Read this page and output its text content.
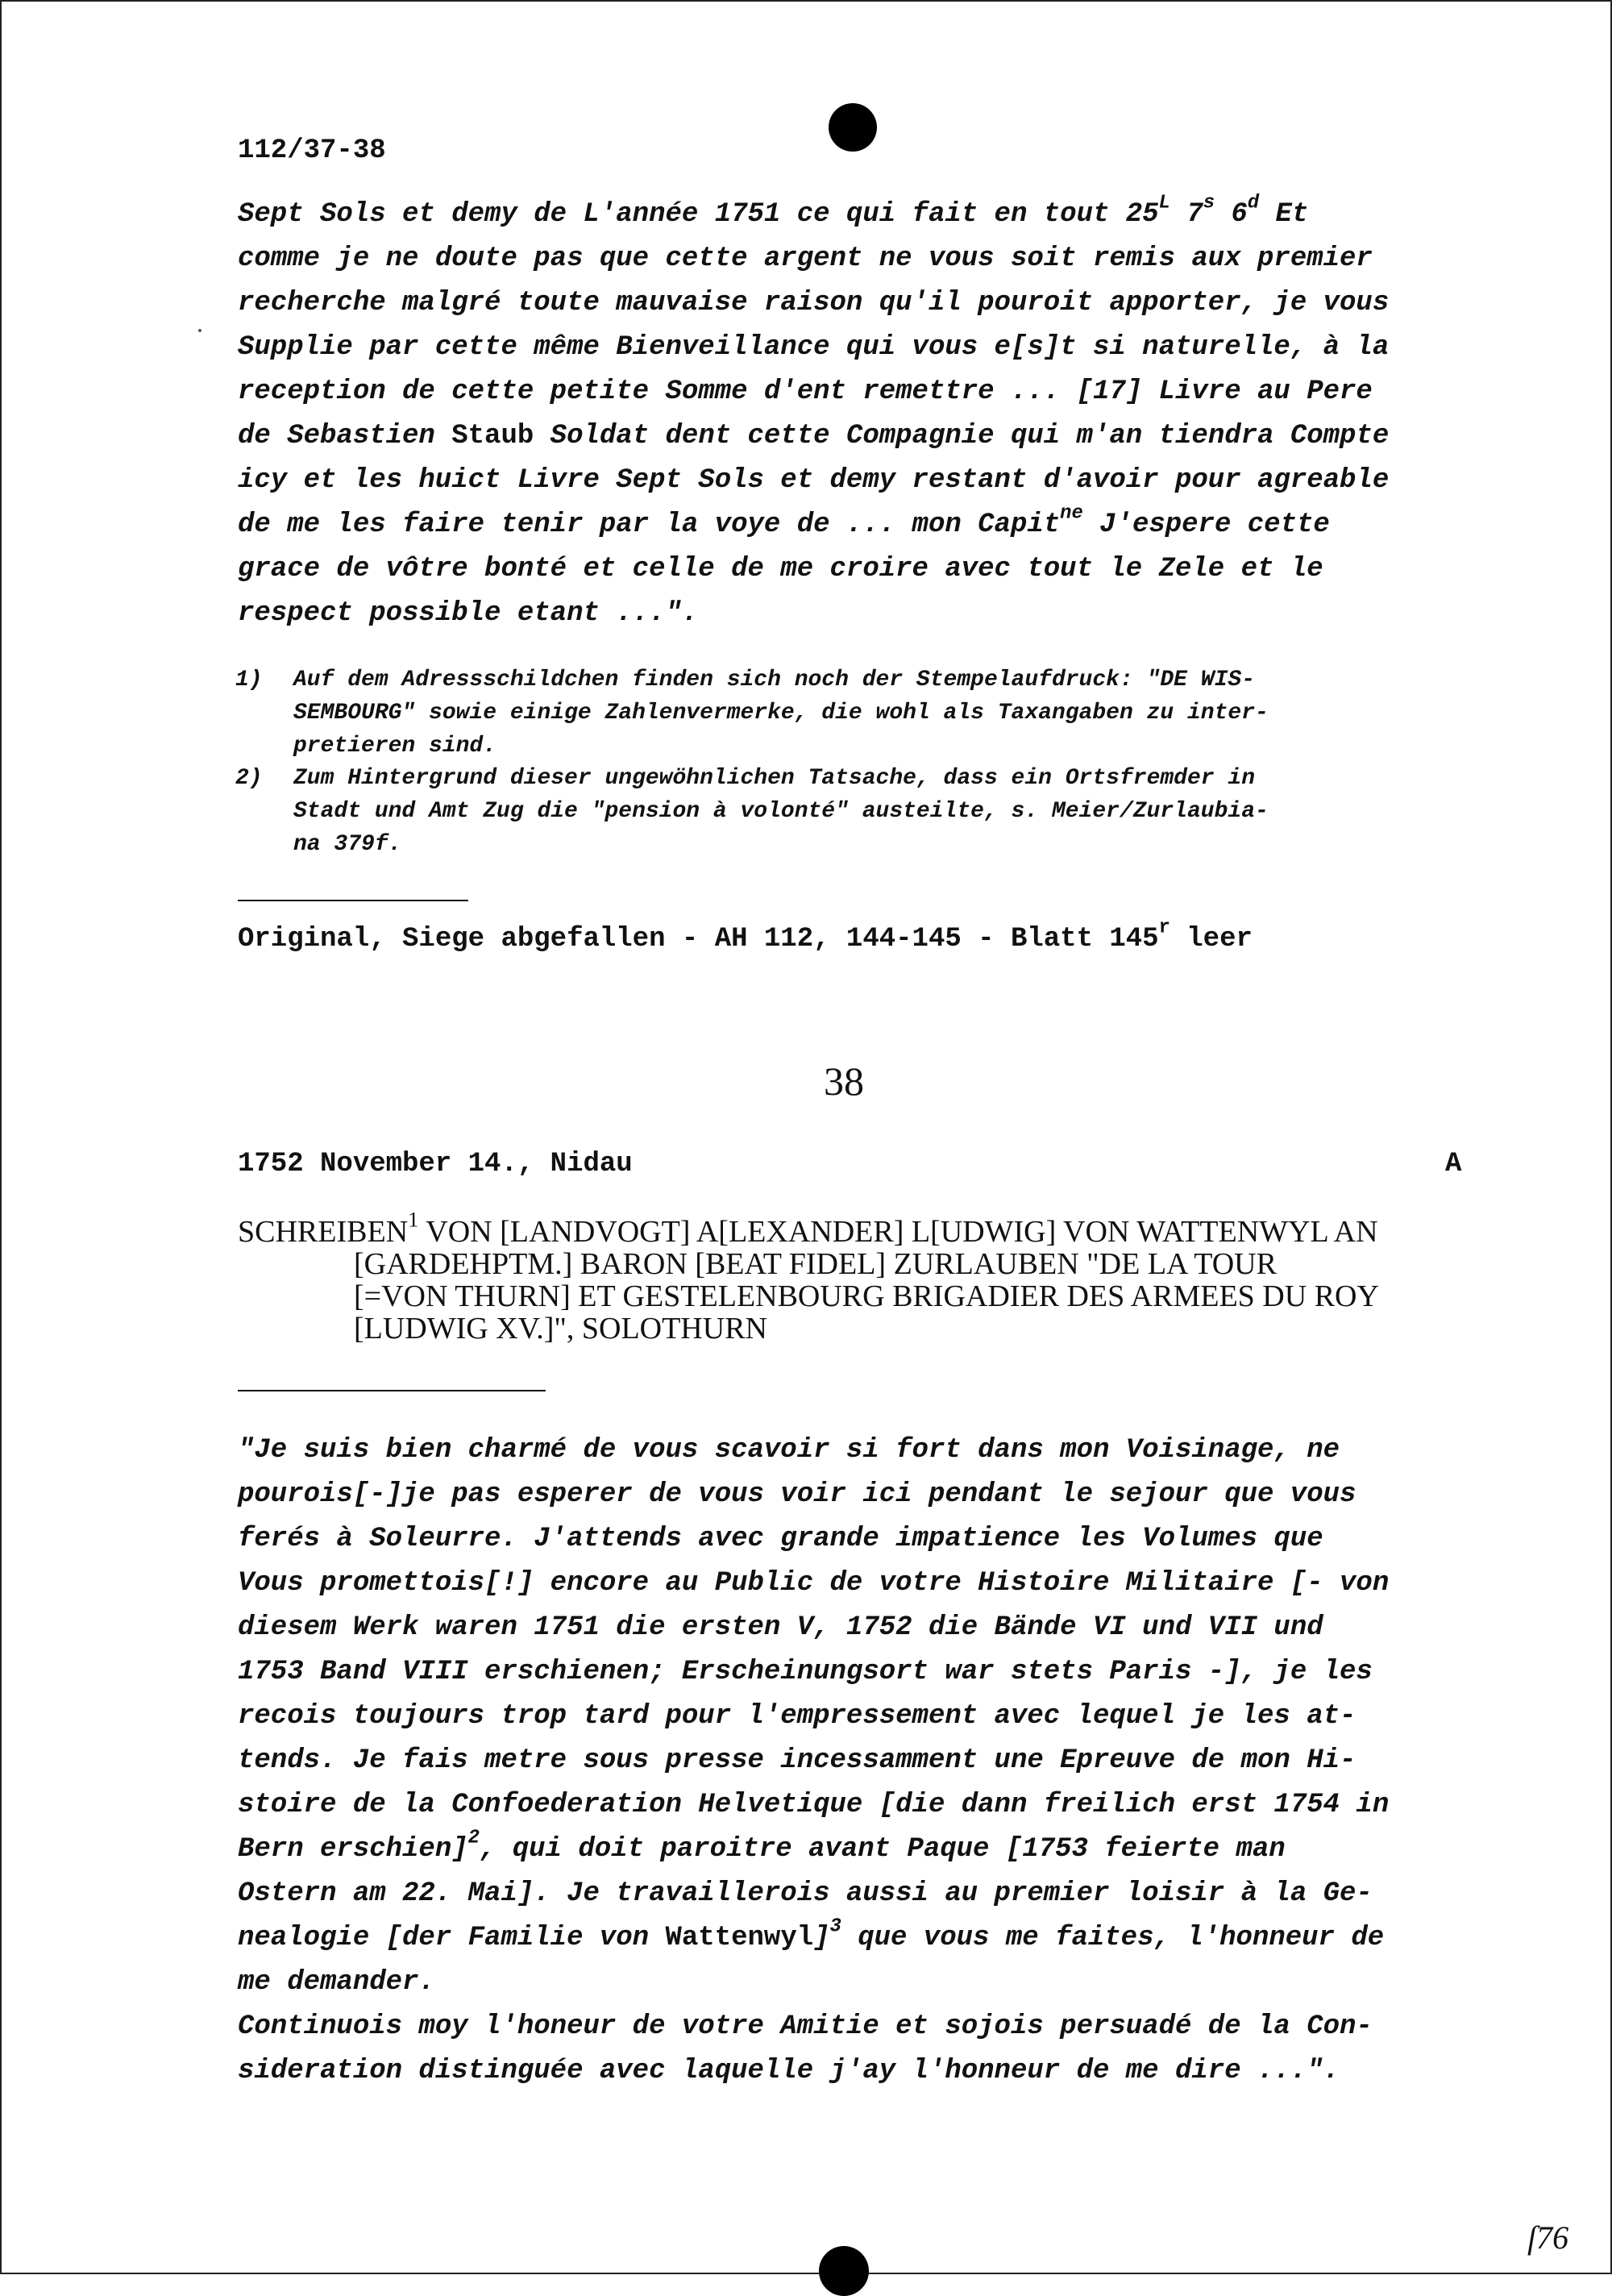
112/37-38
Sept Sols et demy de L'année 1751 ce qui fait en tout $25^L$ 7$^s$ 6$^d$ Et
comme je ne doute pas que cette argent ne vous soit remis aux premier
recherche malgré toute mauvaise raison qu'il pouroit apporter, je vous
Supplie par cette même Bienveillance qui vous e[s]t si naturelle, à la
reception de cette petite Somme d'ent remettre ... [17] Livre au Pere
de Sebastien Staub Soldat dent cette Compagnie qui m'an tiendra Compte
icy et les huict Livre Sept Sols et demy restant d'avoir pour agreable
de me les faire tenir par la voye de ... mon Capit$^{ne}$ J'espere cette
grace de vôtre bonté et celle de me croire avec tout le Zele et le
respect possible etant ...".
1) Auf dem Adressschildchen finden sich noch der Stempelaufdruck: "DE WIS-
SEMBOURG" sowie einige Zahlenvermerke, die wohl als Taxangaben zu inter-
pretieren sind.
2) Zum Hintergrund dieser ungewöhnlichen Tatsache, dass ein Ortsfremder in
Stadt und Amt Zug die "pension à volonté" austeilte, s. Meier/Zurlaubia-
na 379f.
Original, Siege abgefallen - AH 112, 144-145 - Blatt 145$^r$ leer
38
1752 November 14., Nidau	A
SCHREIBEN$^1$ VON [LANDVOGT] A[LEXANDER] L[UDWIG] VON WATTENWYL AN
[GARDEHPTM.] BARON [BEAT FIDEL] ZURLAUBEN "DE LA TOUR
[=VON THURN] ET GESTELENBOURG BRIGADIER DES ARMEES DU ROY
[LUDWIG XV.]", SOLOTHURN
"Je suis bien charmé de vous scavoir si fort dans mon Voisinage, ne
pourois[-]je pas esperer de vous voir ici pendant le sejour que vous
ferés à Soleurre. J'attends avec grande impatience les Volumes que
Vous promettois[!] encore au Public de votre Histoire Militaire [- von
diesem Werk waren 1751 die ersten V, 1752 die Bände VI und VII und
1753 Band VIII erschienen; Erscheinungsort war stets Paris -], je les
recois toujours trop tard pour l'empressement avec lequel je les at-
tends. Je fais metre sous presse incessamment une Epreuve de mon Hi-
stoire de la Confoederation Helvetique [die dann freilich erst 1754 in
Bern erschien]$^2$, qui doit paroitre avant Paque [1753 feierte man
Ostern am 22. Mai]. Je travaillerois aussi au premier loisir à la Ge-
nealogie [der Familie von Wattenwyl]$^3$ que vous me faites, l'honneur de
me demander.
Continuois moy l'honeur de votre Amitie et sojois persuadé de la Con-
sideration distinguée avec laquelle j'ay l'honneur de me dire ...".
ſ76
